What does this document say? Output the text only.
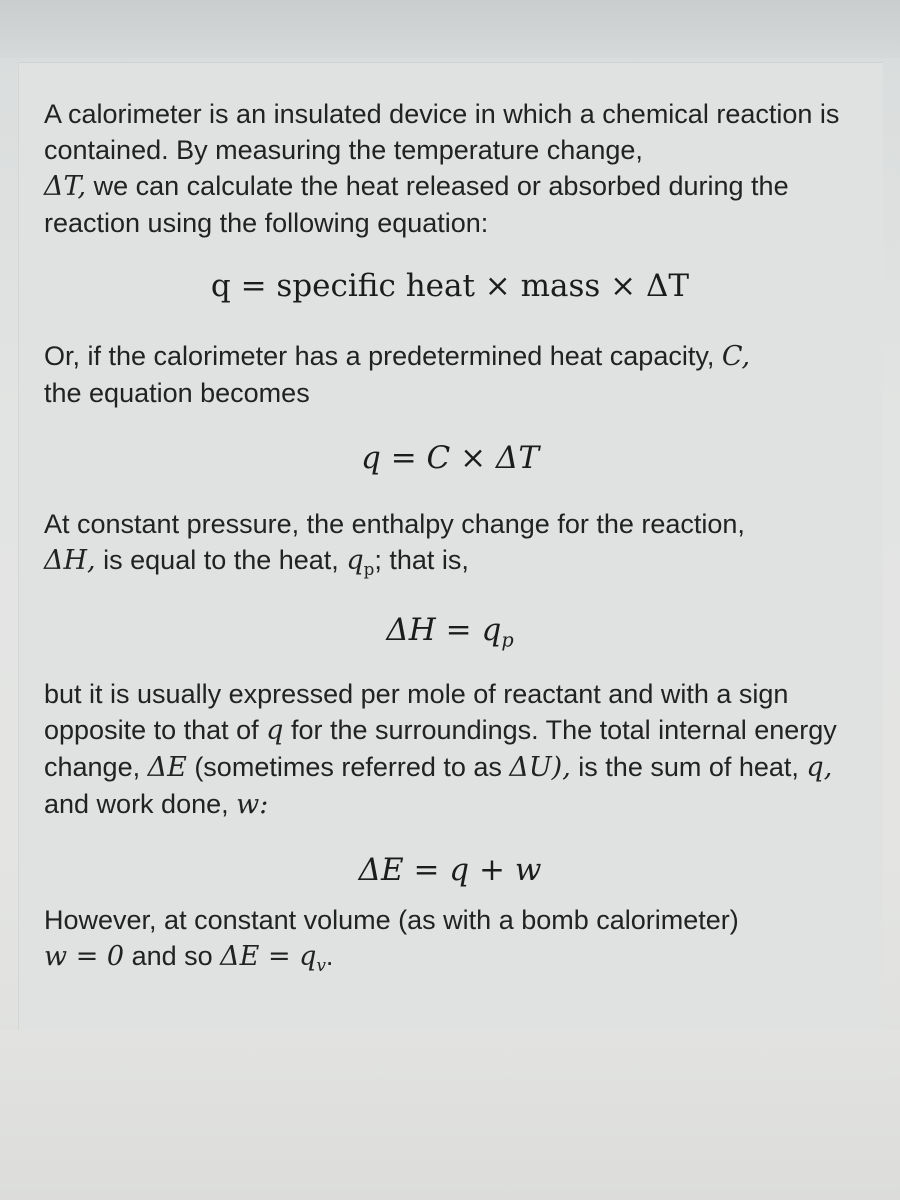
A calorimeter is an insulated device in which a chemical reaction is contained. By measuring the temperature change,
ΔT, we can calculate the heat released or absorbed during the reaction using the following equation:

q = specific heat × mass × ΔT

Or, if the calorimeter has a predetermined heat capacity, C,
the equation becomes

q = C × ΔT

At constant pressure, the enthalpy change for the reaction,
ΔH, is equal to the heat, $q_p$; that is,

$\Delta H = q_p$

but it is usually expressed per mole of reactant and with a sign opposite to that of q for the surroundings. The total internal energy change, ΔE (sometimes referred to as ΔU), is the sum of heat, q, and work done, w:

ΔE = q + w

However, at constant volume (as with a bomb calorimeter)
w = 0 and so $\Delta E = q_v$.
